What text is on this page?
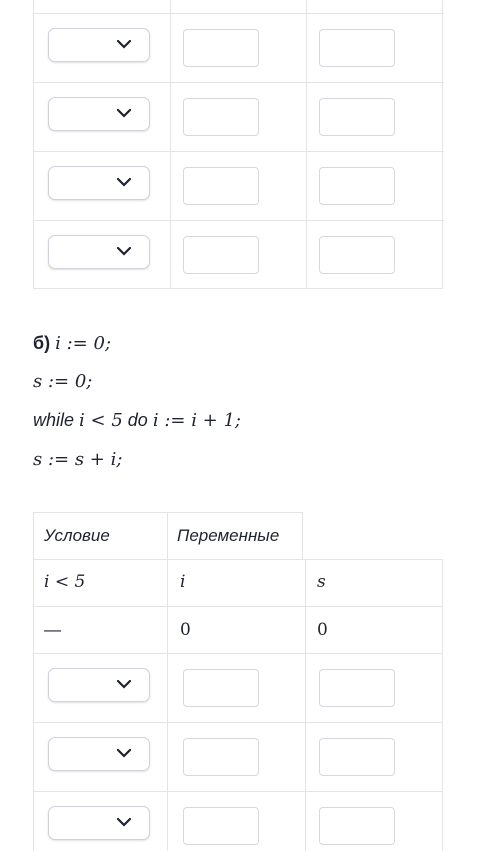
б) i := 0;
s := 0;
while i < 5 do i := i + 1;
s := s + i;
Условие	Переменные
i < 5	i	s
—	0	0
